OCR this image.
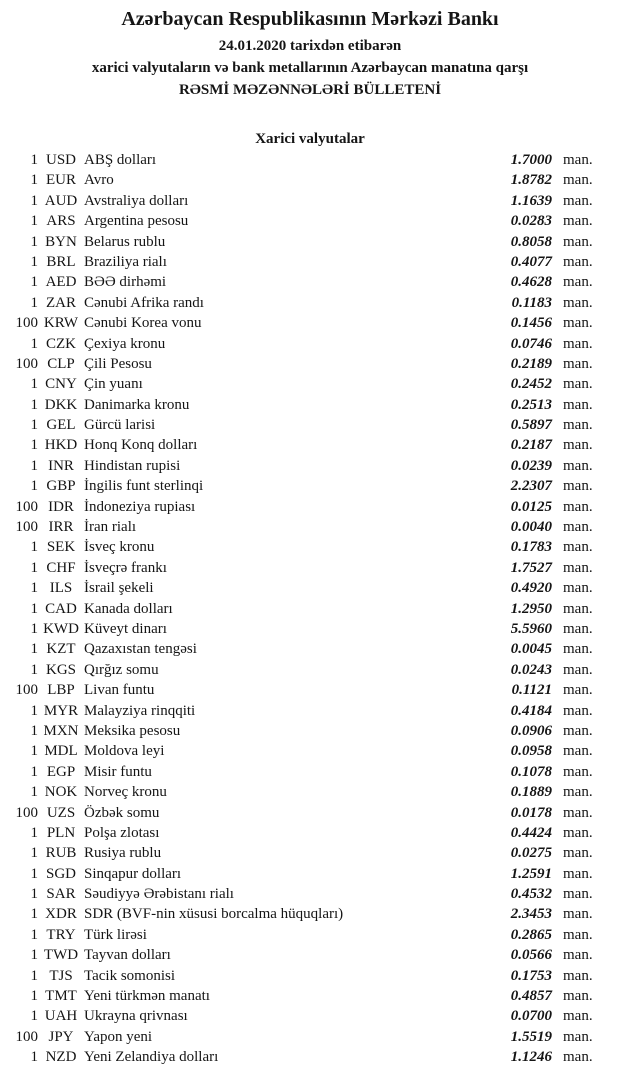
Azərbaycan Respublikasının Mərkəzi Bankı
24.01.2020 tarixdən etibarən
xarici valyutaların və bank metallarının Azərbaycan manatına qarşı
RƏSMİ MƏZƏNNƏLƏRİ BÜLLETENİ
Xarici valyutalar
1 USD ABŞ dolları	1.7000 man.
1 EUR Avro	1.8782 man.
1 AUD Avstraliya dolları	1.1639 man.
1 ARS Argentina pesosu	0.0283 man.
1 BYN Belarus rublu	0.8058 man.
1 BRL Braziliya rialı	0.4077 man.
1 AED BƏƏ dirhəmi	0.4628 man.
1 ZAR Cənubi Afrika randı	0.1183 man.
100 KRW Cənubi Korea vonu	0.1456 man.
1 CZK Çexiya kronu	0.0746 man.
100 CLP Çili Pesosu	0.2189 man.
1 CNY Çin yuanı	0.2452 man.
1 DKK Danimarka kronu	0.2513 man.
1 GEL Gürcü larisi	0.5897 man.
1 HKD Honq Konq dolları	0.2187 man.
1 INR Hindistan rupisi	0.0239 man.
1 GBP İngilis funt sterlinqi	2.2307 man.
100 IDR İndoneziya rupiası	0.0125 man.
100 IRR İran rialı	0.0040 man.
1 SEK İsveç kronu	0.1783 man.
1 CHF İsveçrə frankı	1.7527 man.
1 ILS İsrail şekeli	0.4920 man.
1 CAD Kanada dolları	1.2950 man.
1 KWD Küveyt dinarı	5.5960 man.
1 KZT Qazaxıstan tengəsi	0.0045 man.
1 KGS Qırğız somu	0.0243 man.
100 LBP Livan funtu	0.1121 man.
1 MYR Malayziya rinqqiti	0.4184 man.
1 MXN Meksika pesosu	0.0906 man.
1 MDL Moldova leyi	0.0958 man.
1 EGP Misir funtu	0.1078 man.
1 NOK Norveç kronu	0.1889 man.
100 UZS Özbək somu	0.0178 man.
1 PLN Polşa zlotası	0.4424 man.
1 RUB Rusiya rublu	0.0275 man.
1 SGD Sinqapur dolları	1.2591 man.
1 SAR Səudiyyə Ərəbistanı rialı	0.4532 man.
1 XDR SDR (BVF-nin xüsusi borcalma hüquqları)	2.3453 man.
1 TRY Türk lirəsi	0.2865 man.
1 TWD Tayvan dolları	0.0566 man.
1 TJS Tacik somonisi	0.1753 man.
1 TMT Yeni türkmən manatı	0.4857 man.
1 UAH Ukrayna qrivnası	0.0700 man.
100 JPY Yapon yeni	1.5519 man.
1 NZD Yeni Zelandiya dolları	1.1246 man.
